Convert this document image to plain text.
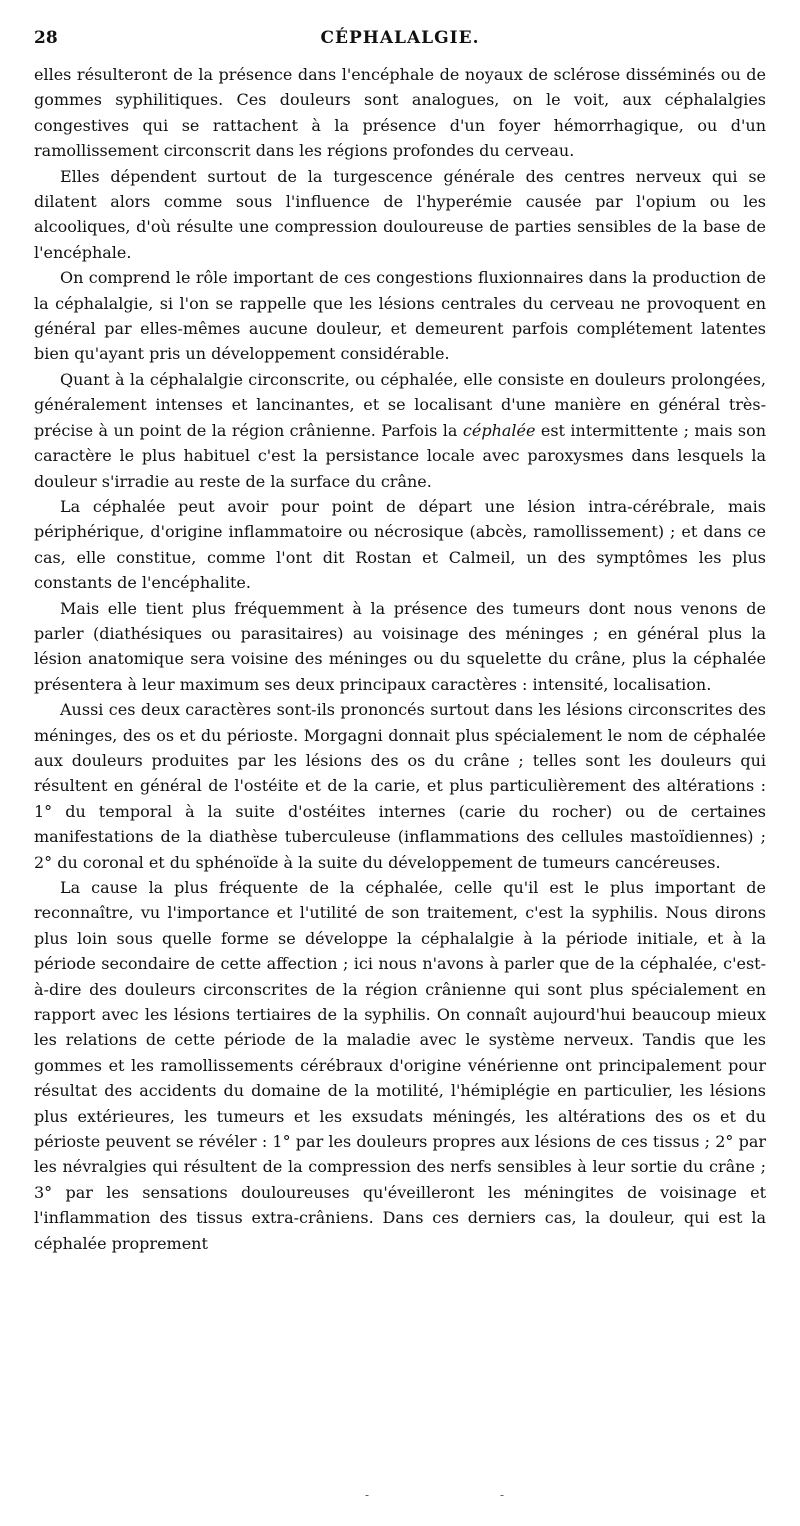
28	CÉPHALALGIE.

elles résulteront de la présence dans l'encéphale de noyaux de sclérose disséminés ou de gommes syphilitiques. Ces douleurs sont analogues, on le voit, aux céphalalgies congestives qui se rattachent à la présence d'un foyer hémorrhagique, ou d'un ramollissement circonscrit dans les régions profondes du cerveau.

Elles dépendent surtout de la turgescence générale des centres nerveux qui se dilatent alors comme sous l'influence de l'hyperémie causée par l'opium ou les alcooliques, d'où résulte une compression douloureuse de parties sensibles de la base de l'encéphale.

On comprend le rôle important de ces congestions fluxionnaires dans la production de la céphalalgie, si l'on se rappelle que les lésions centrales du cerveau ne provoquent en général par elles-mêmes aucune douleur, et demeurent parfois complétement latentes bien qu'ayant pris un développement considérable.

Quant à la céphalalgie circonscrite, ou céphalée, elle consiste en douleurs prolongées, généralement intenses et lancinantes, et se localisant d'une manière en général très-précise à un point de la région crânienne. Parfois la céphalée est intermittente ; mais son caractère le plus habituel c'est la persistance locale avec paroxysmes dans lesquels la douleur s'irradie au reste de la surface du crâne.

La céphalée peut avoir pour point de départ une lésion intra-cérébrale, mais périphérique, d'origine inflammatoire ou nécrosique (abcès, ramollissement) ; et dans ce cas, elle constitue, comme l'ont dit Rostan et Calmeil, un des symptômes les plus constants de l'encéphalite.

Mais elle tient plus fréquemment à la présence des tumeurs dont nous venons de parler (diathésiques ou parasitaires) au voisinage des méninges ; en général plus la lésion anatomique sera voisine des méninges ou du squelette du crâne, plus la céphalée présentera à leur maximum ses deux principaux caractères : intensité, localisation.

Aussi ces deux caractères sont-ils prononcés surtout dans les lésions circonscrites des méninges, des os et du périoste. Morgagni donnait plus spécialement le nom de céphalée aux douleurs produites par les lésions des os du crâne ; telles sont les douleurs qui résultent en général de l'ostéite et de la carie, et plus particulièrement des altérations : 1° du temporal à la suite d'ostéites internes (carie du rocher) ou de certaines manifestations de la diathèse tuberculeuse (inflammations des cellules mastoïdiennes) ; 2° du coronal et du sphénoïde à la suite du développement de tumeurs cancéreuses.

La cause la plus fréquente de la céphalée, celle qu'il est le plus important de reconnaître, vu l'importance et l'utilité de son traitement, c'est la syphilis. Nous dirons plus loin sous quelle forme se développe la céphalalgie à la période initiale, et à la période secondaire de cette affection ; ici nous n'avons à parler que de la céphalée, c'est-à-dire des douleurs circonscrites de la région crânienne qui sont plus spécialement en rapport avec les lésions tertiaires de la syphilis. On connaît aujourd'hui beaucoup mieux les relations de cette période de la maladie avec le système nerveux. Tandis que les gommes et les ramollissements cérébraux d'origine vénérienne ont principalement pour résultat des accidents du domaine de la motilité, l'hémiplégie en particulier, les lésions plus extérieures, les tumeurs et les exsudats méningés, les altérations des os et du périoste peuvent se révéler : 1° par les douleurs propres aux lésions de ces tissus ; 2° par les névralgies qui résultent de la compression des nerfs sensibles à leur sortie du crâne ; 3° par les sensations douloureuses qu'éveilleront les méningites de voisinage et l'inflammation des tissus extra-crâniens. Dans ces derniers cas, la douleur, qui est la céphalée proprement

-	-
